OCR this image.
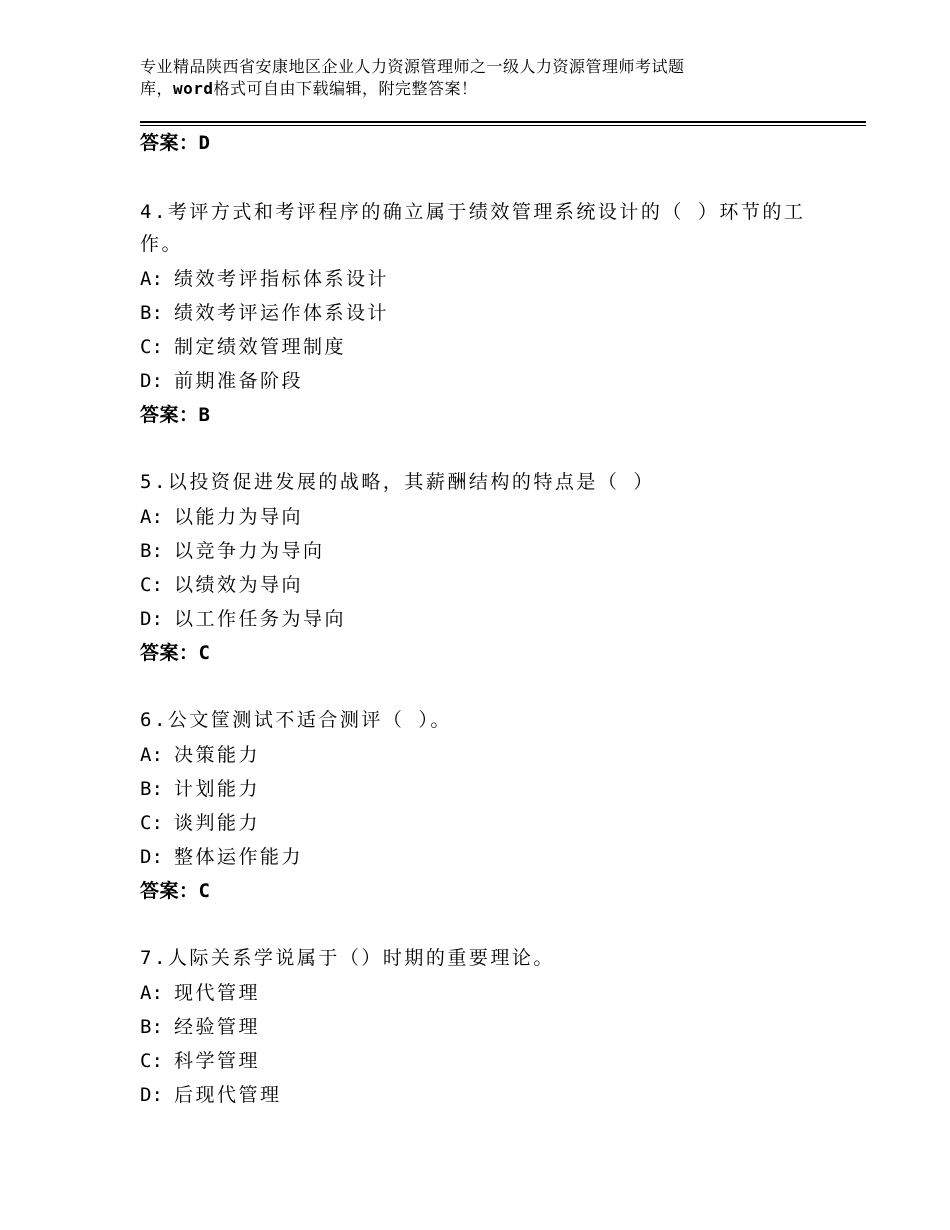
专业精品陕西省安康地区企业人力资源管理师之一级人力资源管理师考试题
库，word格式可自由下载编辑，附完整答案！
答案：D
4.考评方式和考评程序的确立属于绩效管理系统设计的（ ）环节的工
作。
A: 绩效考评指标体系设计
B: 绩效考评运作体系设计
C: 制定绩效管理制度
D: 前期准备阶段
答案：B
5.以投资促进发展的战略，其薪酬结构的特点是（ ）
A: 以能力为导向
B: 以竞争力为导向
C: 以绩效为导向
D: 以工作任务为导向
答案：C
6.公文筐测试不适合测评（ ）。
A: 决策能力
B: 计划能力
C: 谈判能力
D: 整体运作能力
答案：C
7.人际关系学说属于（）时期的重要理论。
A: 现代管理
B: 经验管理
C: 科学管理
D: 后现代管理
